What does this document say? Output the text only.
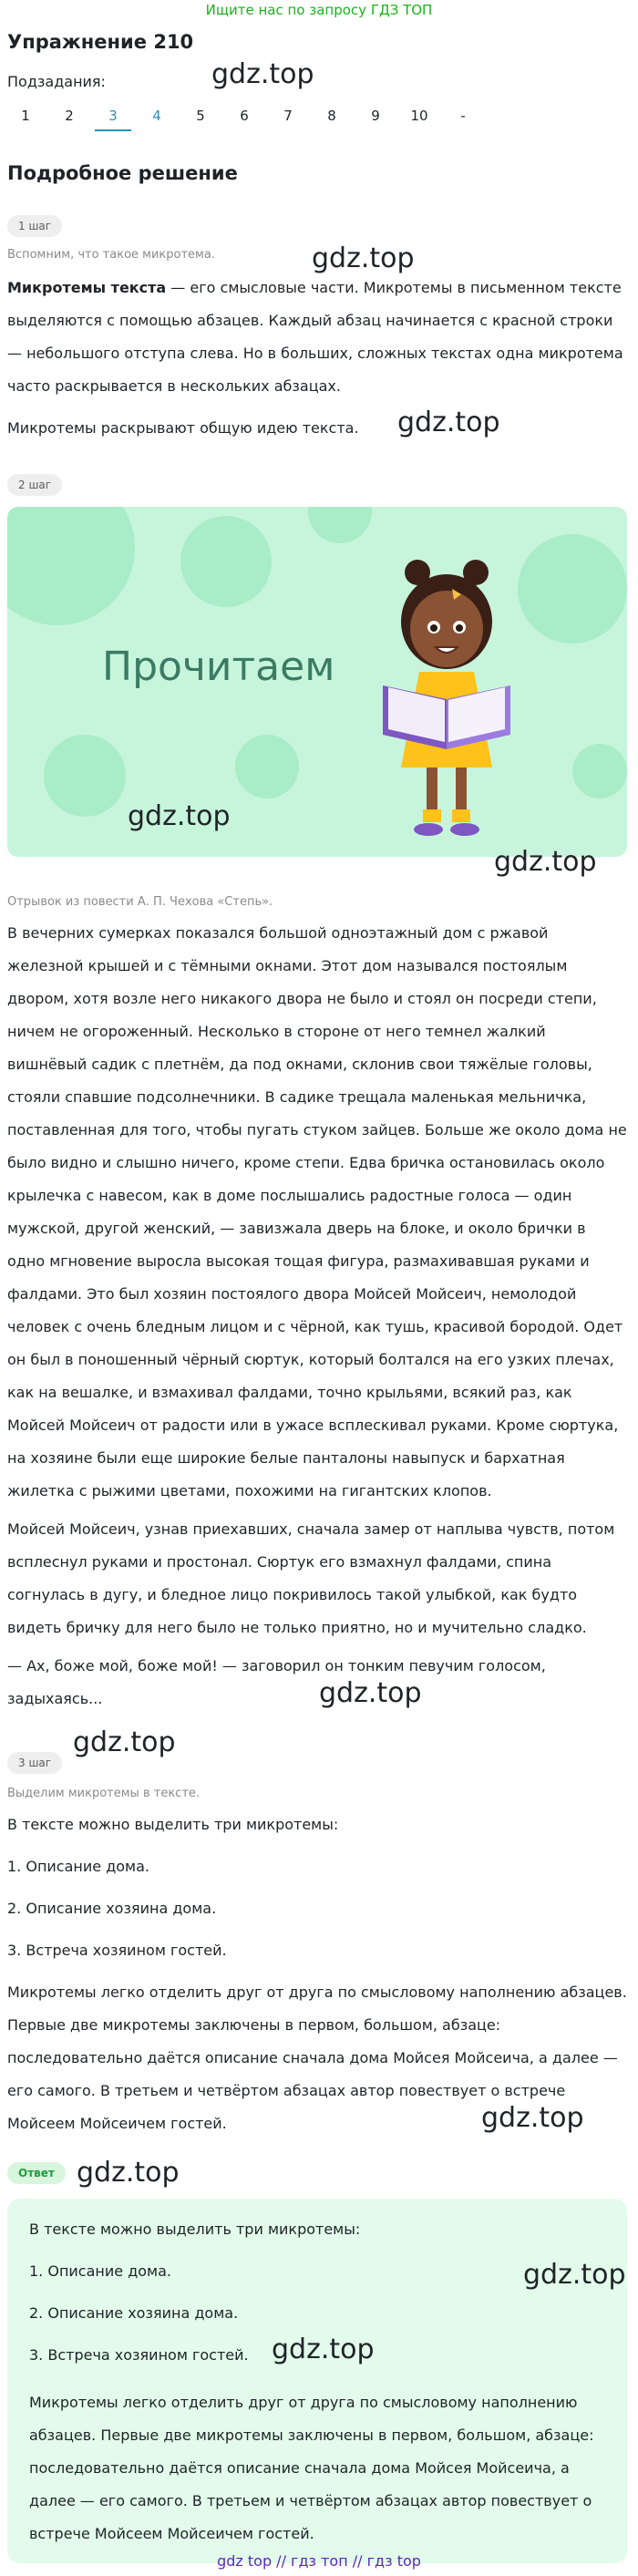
Ищите нас по запросу ГДЗ ТОП
Упражнение 210
gdz.top
Подзадания:
1	2	3	4	5	6	7	8	9	10	-
Подробное решение
1 шаг
Вспомним, что такое микротема.	gdz.top
Микротемы текста — его смысловые части. Микротемы в письменном тексте
выделяются с помощью абзацев. Каждый абзац начинается с красной строки
— небольшого отступа слева. Но в больших, сложных текстах одна микротема
часто раскрывается в нескольких абзацах.
Микротемы раскрывают общую идею текста.	gdz.top
2 шаг
Прочитаем
gdz.top
gdz.top
Отрывок из повести А. П. Чехова «Степь».
В вечерних сумерках показался большой одноэтажный дом с ржавой
железной крышей и с тёмными окнами. Этот дом назывался постоялым
двором, хотя возле него никакого двора не было и стоял он посреди степи,
ничем не огороженный. Несколько в стороне от него темнел жалкий
вишнёвый садик с плетнём, да под окнами, склонив свои тяжёлые головы,
стояли спавшие подсолнечники. В садике трещала маленькая мельничка,
поставленная для того, чтобы пугать стуком зайцев. Больше же около дома не
было видно и слышно ничего, кроме степи. Едва бричка остановилась около
крылечка с навесом, как в доме послышались радостные голоса — один
мужской, другой женский, — завизжала дверь на блоке, и около брички в
одно мгновение выросла высокая тощая фигура, размахивавшая руками и
фалдами. Это был хозяин постоялого двора Мойсей Мойсеич, немолодой
человек с очень бледным лицом и с чёрной, как тушь, красивой бородой. Одет
он был в поношенный чёрный сюртук, который болтался на его узких плечах,
как на вешалке, и взмахивал фалдами, точно крыльями, всякий раз, как
Мойсей Мойсеич от радости или в ужасе всплескивал руками. Кроме сюртука,
на хозяине были еще широкие белые панталоны навыпуск и бархатная
жилетка с рыжими цветами, похожими на гигантских клопов.
Мойсей Мойсеич, узнав приехавших, сначала замер от наплыва чувств, потом
всплеснул руками и простонал. Сюртук его взмахнул фалдами, спина
согнулась в дугу, и бледное лицо покривилось такой улыбкой, как будто
видеть бричку для него было не только приятно, но и мучительно сладко.
— Ах, боже мой, боже мой! — заговорил он тонким певучим голосом,
задыхаясь...	gdz.top
gdz.top
3 шаг
Выделим микротемы в тексте.
В тексте можно выделить три микротемы:
1. Описание дома.
2. Описание хозяина дома.
3. Встреча хозяином гостей.
Микротемы легко отделить друг от друга по смысловому наполнению абзацев.
Первые две микротемы заключены в первом, большом, абзаце:
последовательно даётся описание сначала дома Мойсея Мойсеича, а далее —
его самого. В третьем и четвёртом абзацах автор повествует о встрече
Мойсеем Мойсеичем гостей.	gdz.top
Ответ gdz.top
В тексте можно выделить три микротемы:
1. Описание дома.
2. Описание хозяина дома.
3. Встреча хозяином гостей.
Микротемы легко отделить друг от друга по смысловому наполнению
абзацев. Первые две микротемы заключены в первом, большом, абзаце:
последовательно даётся описание сначала дома Мойсея Мойсеича, а
далее — его самого. В третьем и четвёртом абзацах автор повествует о
встрече Мойсеем Мойсеичем гостей.
gdz.top
gdz.top
gdz top // гдз топ // гдз top
